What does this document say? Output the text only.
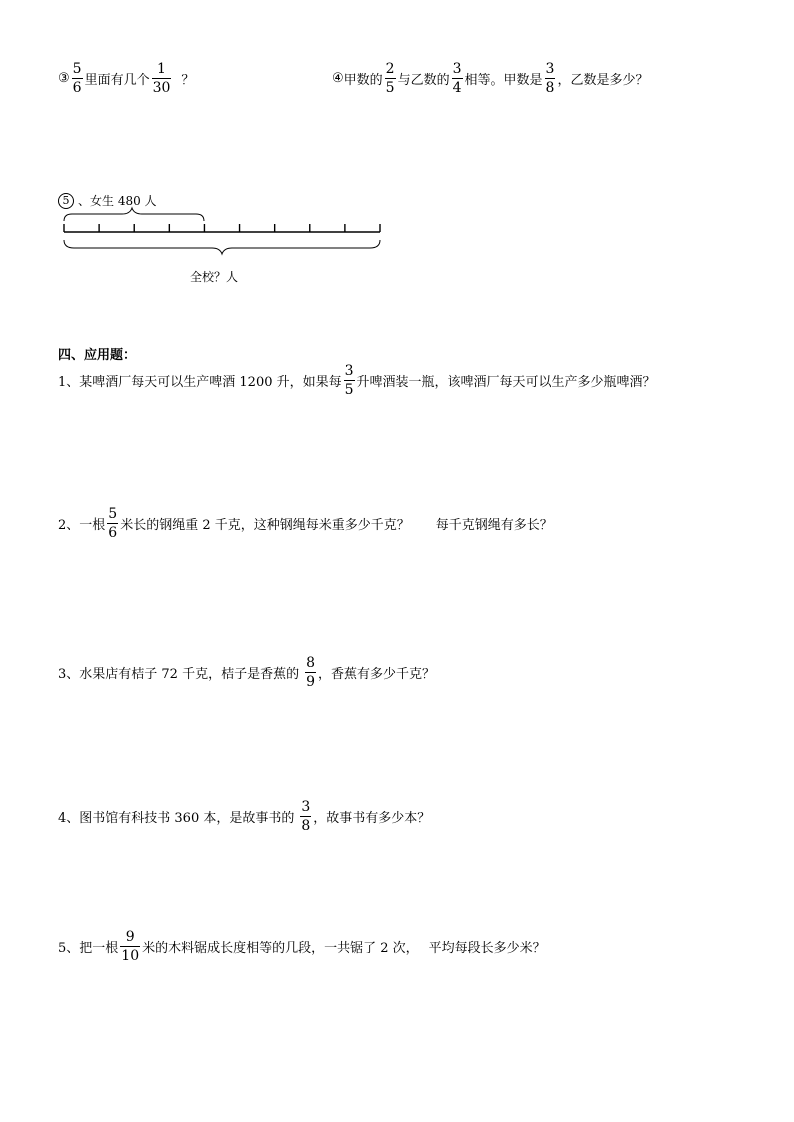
③ $\frac{5}{6}$ 里面有几个 $\frac{1}{30}$ ？	④ 甲数的 $\frac{2}{5}$ 与乙数的 $\frac{3}{4}$ 相等。甲数是 $\frac{3}{8}$ ，乙数是多少？
5 、女生 480 人
全校？人
四、应用题：
1、某啤酒厂每天可以生产啤酒 1200 升，如果每 $\frac{3}{5}$ 升啤酒装一瓶，该啤酒厂每天可以生产多少瓶啤酒？
2、一根 $\frac{5}{6}$ 米长的钢绳重 2 千克，这种钢绳每米重多少千克？ 每千克钢绳有多长？
3、水果店有桔子 72 千克，桔子是香蕉的 $\frac{8}{9}$ ，香蕉有多少千克？
4、图书馆有科技书 360 本，是故事书的 $\frac{3}{8}$ ，故事书有多少本？
5、把一根 $\frac{9}{10}$ 米的木料锯成长度相等的几段，一共锯了 2 次， 平均每段长多少米？
